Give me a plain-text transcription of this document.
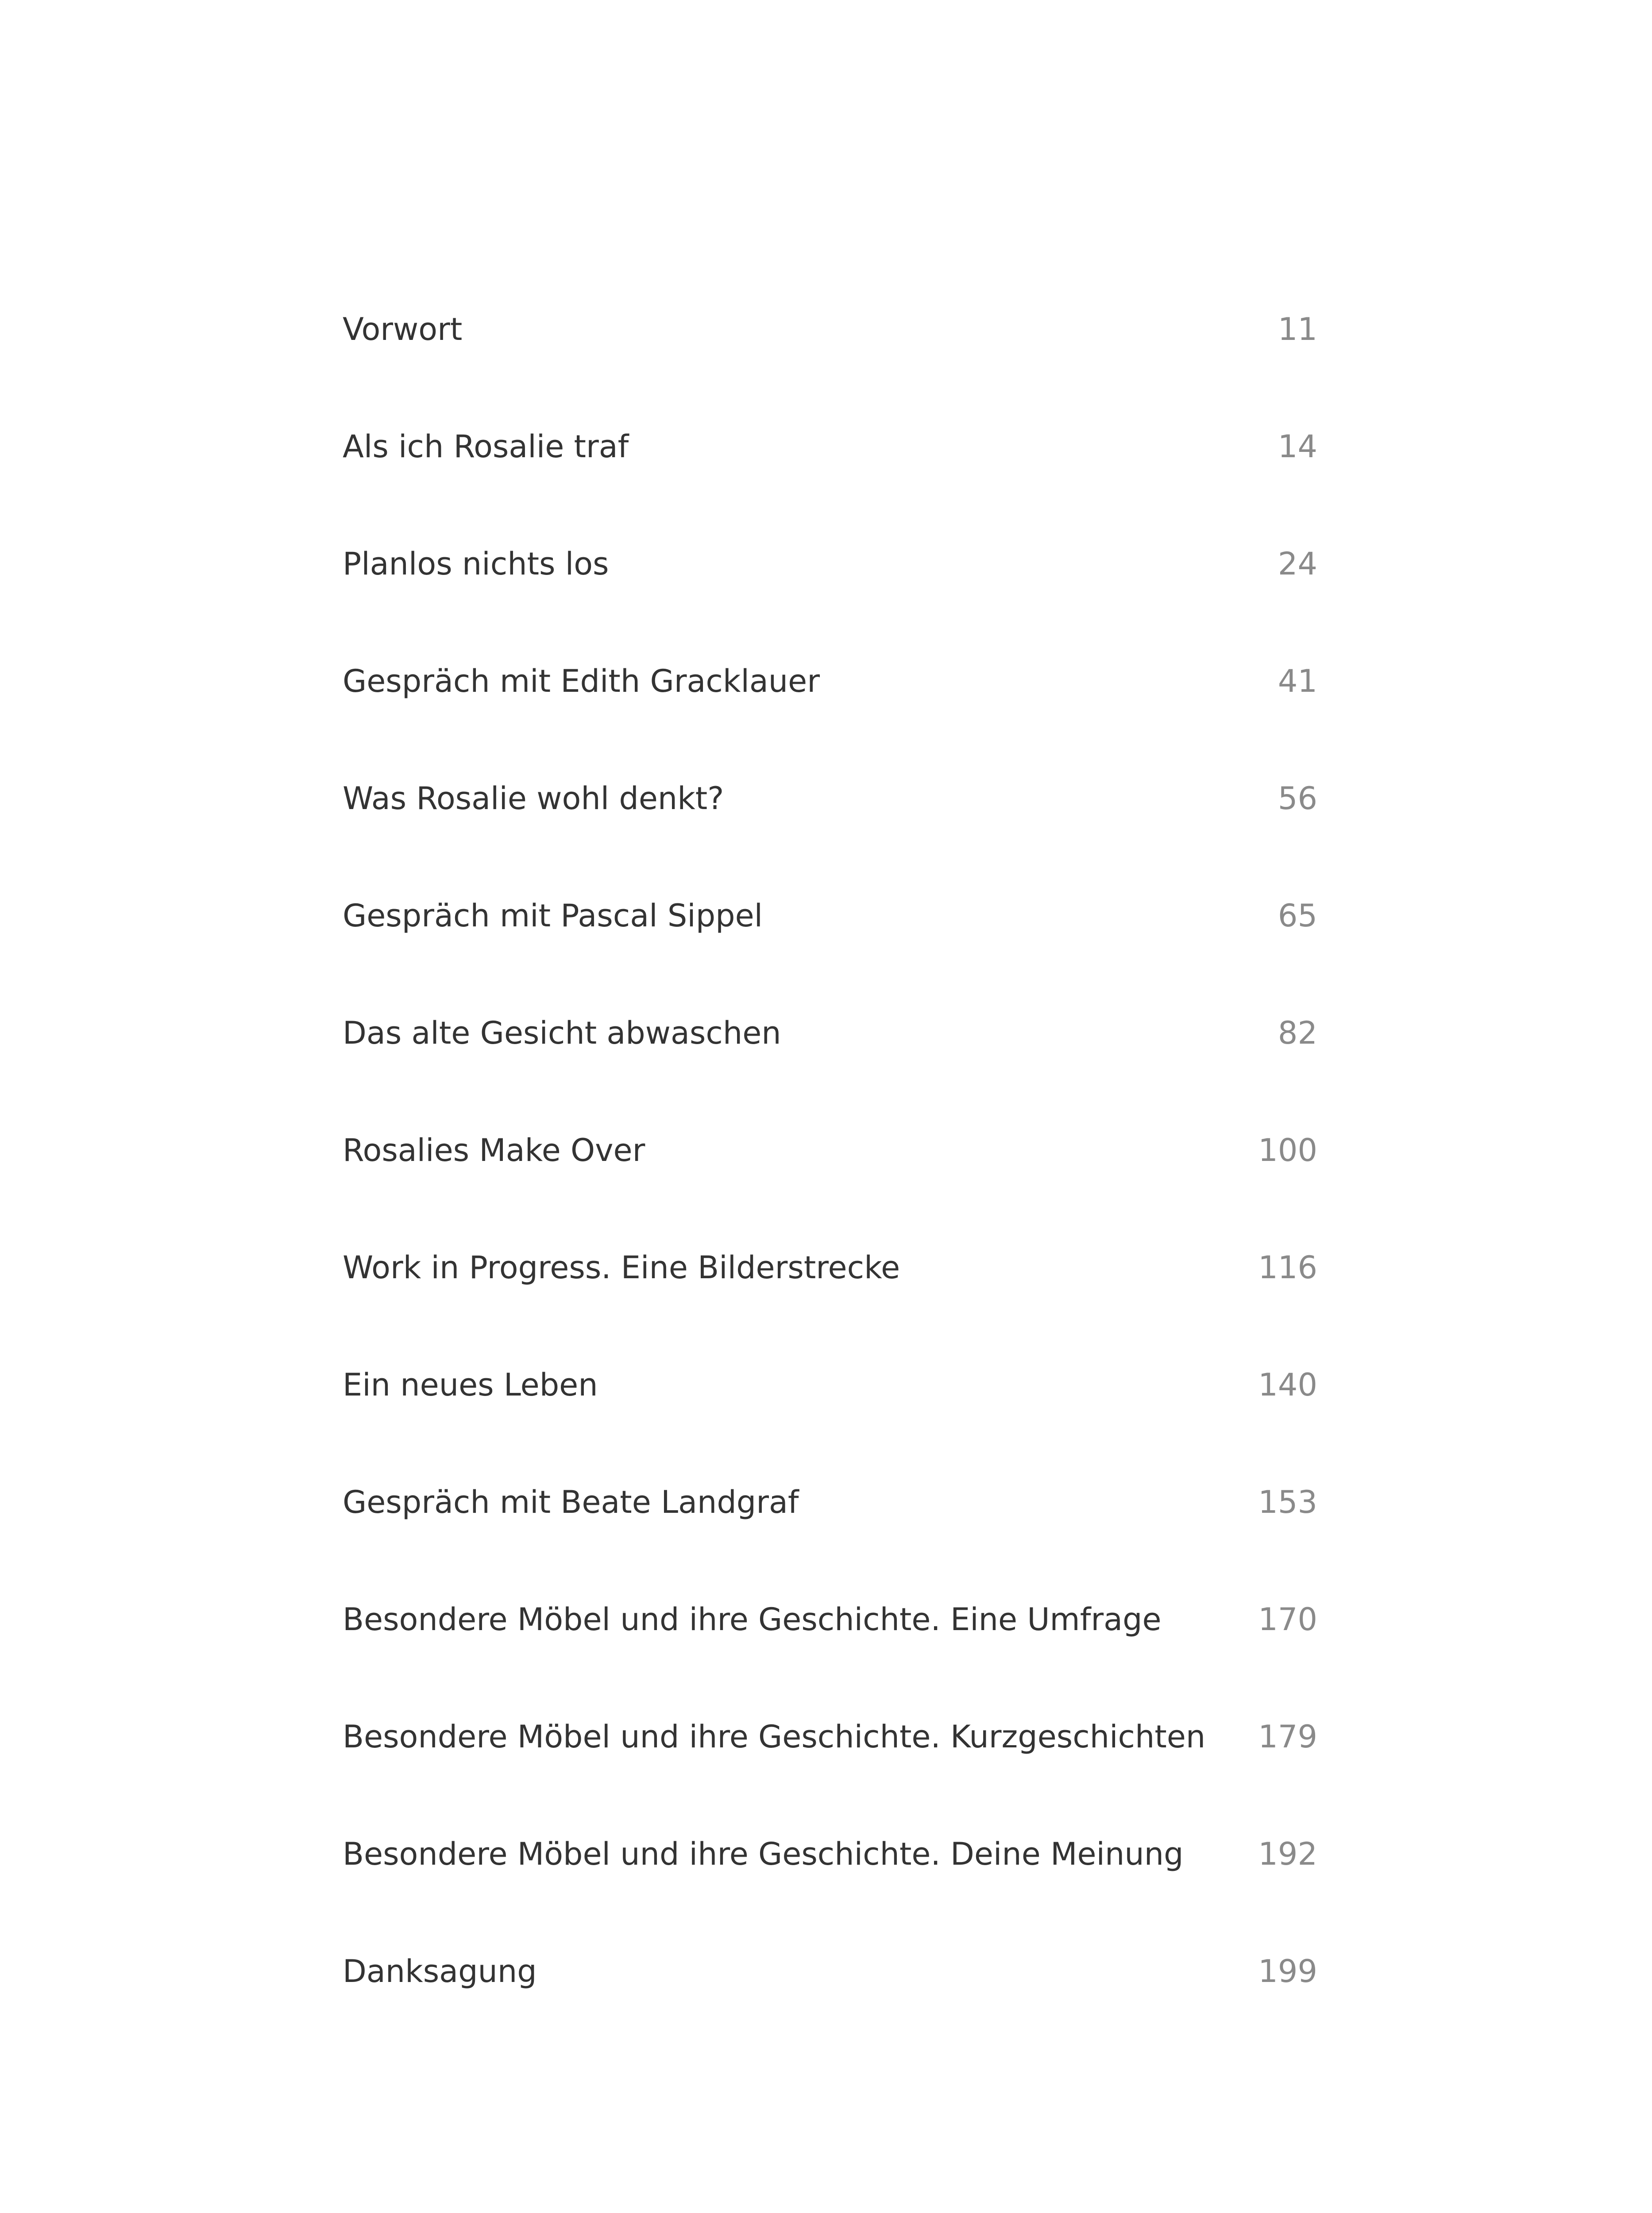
Vorwort	11
Als ich Rosalie traf	14
Planlos nichts los	24
Gespräch mit Edith Gracklauer	41
Was Rosalie wohl denkt?	56
Gespräch mit Pascal Sippel	65
Das alte Gesicht abwaschen	82
Rosalies Make Over	100
Work in Progress. Eine Bilderstrecke	116
Ein neues Leben	140
Gespräch mit Beate Landgraf	153
Besondere Möbel und ihre Geschichte. Eine Umfrage	170
Besondere Möbel und ihre Geschichte. Kurzgeschichten 179
Besondere Möbel und ihre Geschichte. Deine Meinung 192
Danksagung	199
